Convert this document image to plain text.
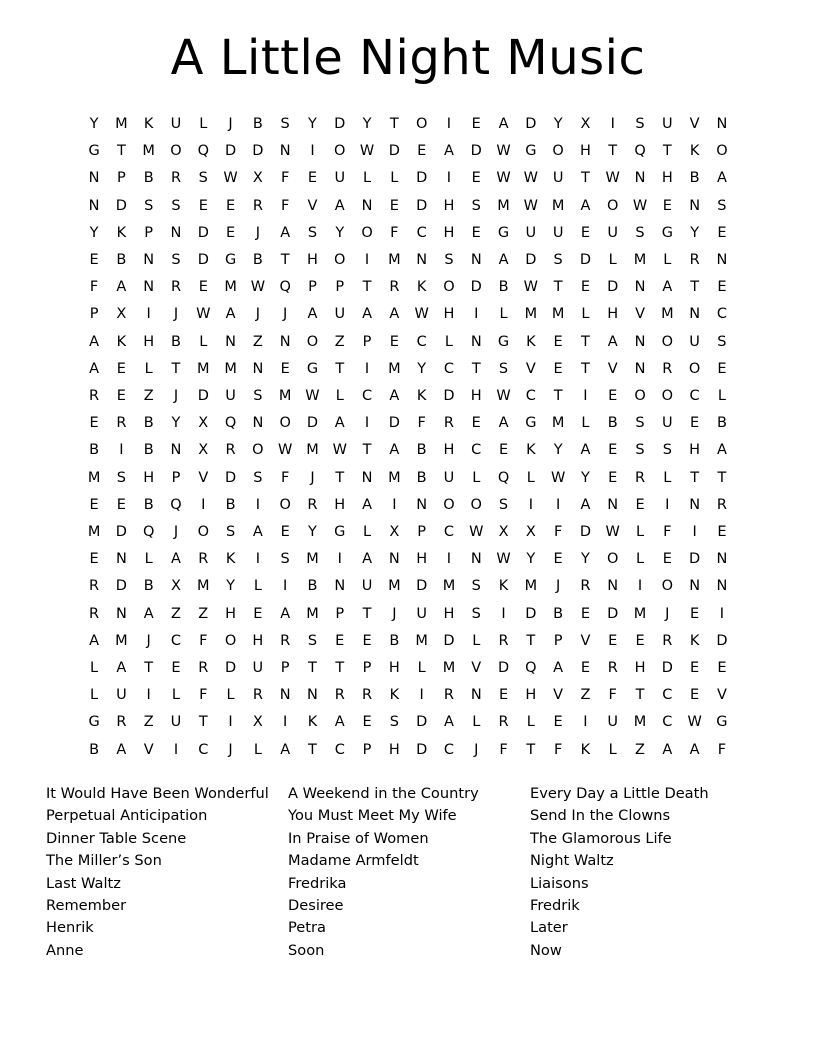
A Little Night Music
Y	M	K	U	L	J	B	S	Y	D	Y	T	O	I	E	A	D	Y	X	I	S	U	V	N
G	T	M	O	Q	D	D	N	I	O	W	D	E	A	D	W	G	O	H	T	Q	T	K	O
N	P	B	R	S	W	X	F	E	U	L	L	D	I	E	W	W	U	T	W	N	H	B	A
N	D	S	S	E	E	R	F	V	A	N	E	D	H	S	M	W	M	A	O	W	E	N	S
Y	K	P	N	D	E	J	A	S	Y	O	F	C	H	E	G	U	U	E	U	S	G	Y	E
E	B	N	S	D	G	B	T	H	O	I	M	N	S	N	A	D	S	D	L	M	L	R	N
F	A	N	R	E	M	W	Q	P	P	T	R	K	O	D	B	W	T	E	D	N	A	T	E
P	X	I	J	W	A	J	J	A	U	A	A	W	H	I	L	M	M	L	H	V	M	N	C
A	K	H	B	L	N	Z	N	O	Z	P	E	C	L	N	G	K	E	T	A	N	O	U	S
A	E	L	T	M	M	N	E	G	T	I	M	Y	C	T	S	V	E	T	V	N	R	O	E
R	E	Z	J	D	U	S	M	W	L	C	A	K	D	H	W	C	T	I	E	O	O	C	L
E	R	B	Y	X	Q	N	O	D	A	I	D	F	R	E	A	G	M	L	B	S	U	E	B
B	I	B	N	X	R	O	W	M	W	T	A	B	H	C	E	K	Y	A	E	S	S	H	A
M	S	H	P	V	D	S	F	J	T	N	M	B	U	L	Q	L	W	Y	E	R	L	T	T
E	E	B	Q	I	B	I	O	R	H	A	I	N	O	O	S	I	I	A	N	E	I	N	R
M	D	Q	J	O	S	A	E	Y	G	L	X	P	C	W	X	X	F	D	W	L	F	I	E
E	N	L	A	R	K	I	S	M	I	A	N	H	I	N	W	Y	E	Y	O	L	E	D	N
R	D	B	X	M	Y	L	I	B	N	U	M	D	M	S	K	M	J	R	N	I	O	N	N
R	N	A	Z	Z	H	E	A	M	P	T	J	U	H	S	I	D	B	E	D	M	J	E	I
A	M	J	C	F	O	H	R	S	E	E	B	M	D	L	R	T	P	V	E	E	R	K	D
L	A	T	E	R	D	U	P	T	T	P	H	L	M	V	D	Q	A	E	R	H	D	E	E
L	U	I	L	F	L	R	N	N	R	R	K	I	R	N	E	H	V	Z	F	T	C	E	V
G	R	Z	U	T	I	X	I	K	A	E	S	D	A	L	R	L	E	I	U	M	C	W	G
B	A	V	I	C	J	L	A	T	C	P	H	D	C	J	F	T	F	K	L	Z	A	A	F
It Would Have Been Wonderful
Perpetual Anticipation
Dinner Table Scene
The Miller’s Son
Last Waltz
Remember
Henrik
Anne
A Weekend in the Country
You Must Meet My Wife
In Praise of Women
Madame Armfeldt
Fredrika
Desiree
Petra
Soon
Every Day a Little Death
Send In the Clowns
The Glamorous Life
Night Waltz
Liaisons
Fredrik
Later
Now
